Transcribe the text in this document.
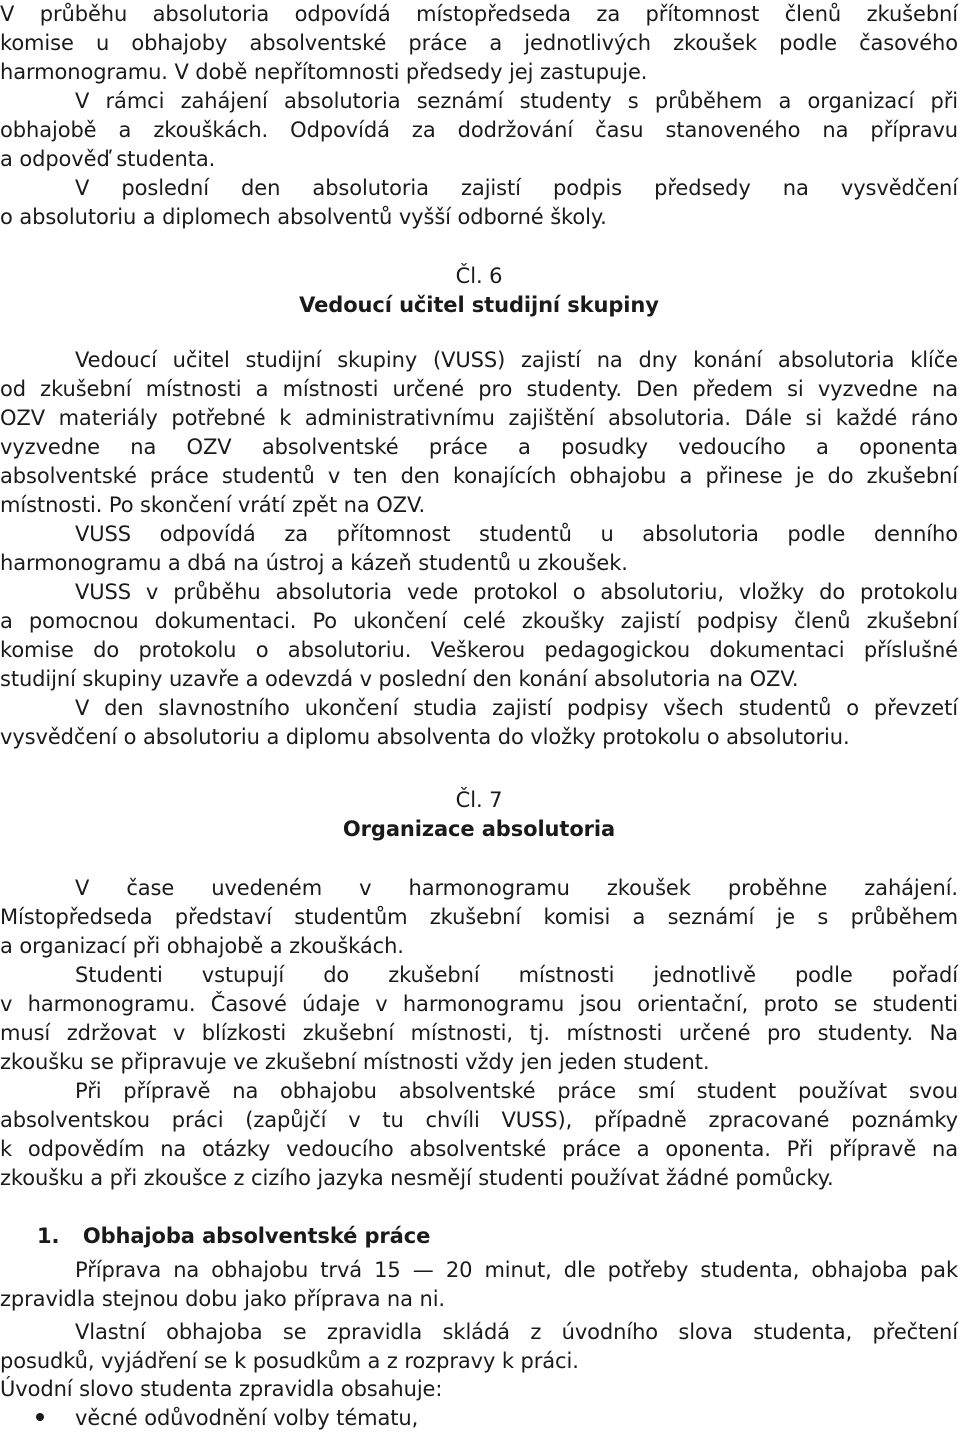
V průběhu absolutoria odpovídá místopředseda za přítomnost členů zkušební
komise u obhajoby absolventské práce a jednotlivých zkoušek podle časového
harmonogramu. V době nepřítomnosti předsedy jej zastupuje.
V rámci zahájení absolutoria seznámí studenty s průběhem a organizací při
obhajobě a zkouškách. Odpovídá za dodržování času stanoveného na přípravu
a odpověď studenta.
V poslední den absolutoria zajistí podpis předsedy na vysvědčení
o absolutoriu a diplomech absolventů vyšší odborné školy.
Čl. 6
Vedoucí učitel studijní skupiny
Vedoucí učitel studijní skupiny (VUSS) zajistí na dny konání absolutoria klíče
od zkušební místnosti a místnosti určené pro studenty. Den předem si vyzvedne na
OZV materiály potřebné k administrativnímu zajištění absolutoria. Dále si každé ráno
vyzvedne na OZV absolventské práce a posudky vedoucího a oponenta
absolventské práce studentů v ten den konajících obhajobu a přinese je do zkušební
místnosti. Po skončení vrátí zpět na OZV.
VUSS odpovídá za přítomnost studentů u absolutoria podle denního
harmonogramu a dbá na ústroj a kázeň studentů u zkoušek.
VUSS v průběhu absolutoria vede protokol o absolutoriu, vložky do protokolu
a pomocnou dokumentaci. Po ukončení celé zkoušky zajistí podpisy členů zkušební
komise do protokolu o absolutoriu. Veškerou pedagogickou dokumentaci příslušné
studijní skupiny uzavře a odevzdá v poslední den konání absolutoria na OZV.
V den slavnostního ukončení studia zajistí podpisy všech studentů o převzetí
vysvědčení o absolutoriu a diplomu absolventa do vložky protokolu o absolutoriu.
Čl. 7
Organizace absolutoria
V čase uvedeném v harmonogramu zkoušek proběhne zahájení.
Místopředseda představí studentům zkušební komisi a seznámí je s průběhem
a organizací při obhajobě a zkouškách.
Studenti vstupují do zkušební místnosti jednotlivě podle pořadí
v harmonogramu. Časové údaje v harmonogramu jsou orientační, proto se studenti
musí zdržovat v blízkosti zkušební místnosti, tj. místnosti určené pro studenty. Na
zkoušku se připravuje ve zkušební místnosti vždy jen jeden student.
Při přípravě na obhajobu absolventské práce smí student používat svou
absolventskou práci (zapůjčí v tu chvíli VUSS), případně zpracované poznámky
k odpovědím na otázky vedoucího absolventské práce a oponenta. Při přípravě na
zkoušku a při zkoušce z cizího jazyka nesmějí studenti používat žádné pomůcky.
1. Obhajoba absolventské práce
Příprava na obhajobu trvá 15 — 20 minut, dle potřeby studenta, obhajoba pak
zpravidla stejnou dobu jako příprava na ni.
Vlastní obhajoba se zpravidla skládá z úvodního slova studenta, přečtení
posudků, vyjádření se k posudkům a z rozpravy k práci.
Úvodní slovo studenta zpravidla obsahuje:
věcné odůvodnění volby tématu,
